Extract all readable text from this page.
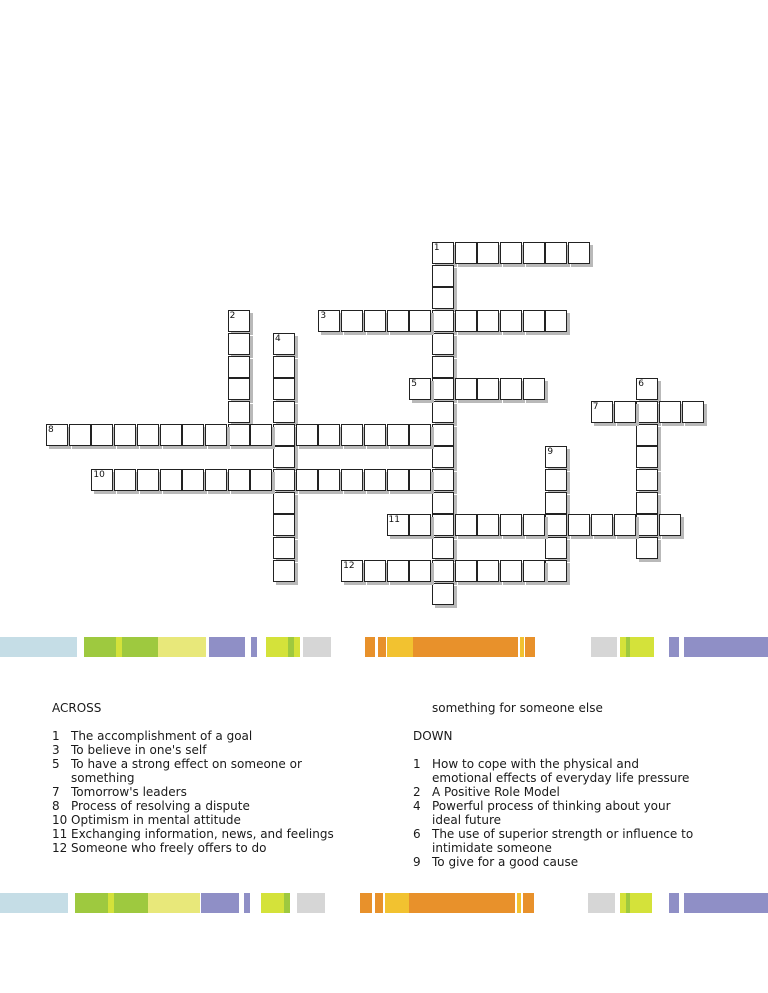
1
2	3
4
5	6
7
8
9
10
11
12
ACROSS
1 The accomplishment of a goal
3 To believe in one's self
5 To have a strong effect on someone or something
7 Tomorrow's leaders
8 Process of resolving a dispute
10 Optimism in mental attitude
11 Exchanging information, news, and feelings
12 Someone who freely offers to do
something for someone else
DOWN
1 How to cope with the physical and emotional effects of everyday life pressure
2 A Positive Role Model
4 Powerful process of thinking about your ideal future
6 The use of superior strength or influence to intimidate someone
9 To give for a good cause
